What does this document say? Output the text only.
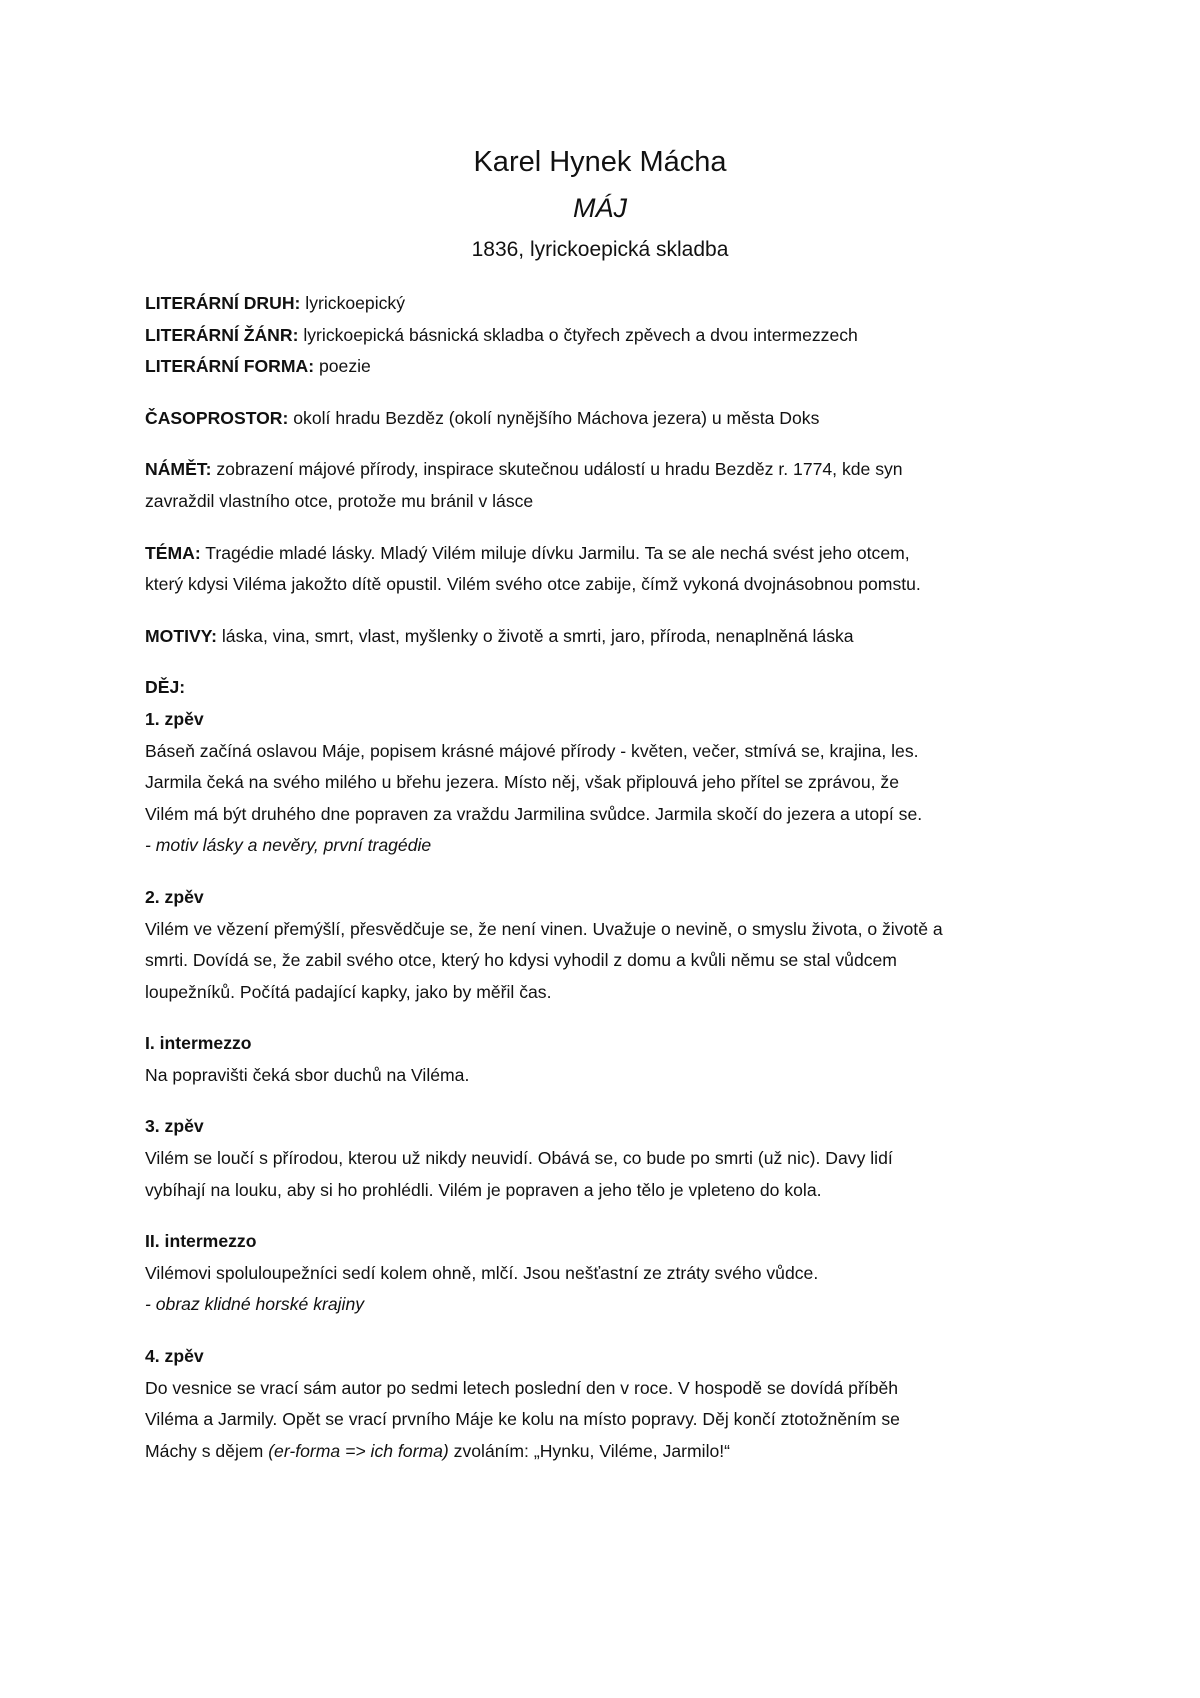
Karel Hynek Mácha
MÁJ
1836, lyrickoepická skladba

LITERÁRNÍ DRUH: lyrickoepický

LITERÁRNÍ ŽÁNR: lyrickoepická básnická skladba o čtyřech zpěvech a dvou intermezzech

LITERÁRNÍ FORMA: poezie

ČASOPROSTOR: okolí hradu Bezděz (okolí nynějšího Máchova jezera) u města Doks

NÁMĚT: zobrazení májové přírody, inspirace skutečnou událostí u hradu Bezděz r. 1774, kde syn

zavraždil vlastního otce, protože mu bránil v lásce

TÉMA: Tragédie mladé lásky. Mladý Vilém miluje dívku Jarmilu. Ta se ale nechá svést jeho otcem,

který kdysi Viléma jakožto dítě opustil. Vilém svého otce zabije, čímž vykoná dvojnásobnou pomstu.

MOTIVY: láska, vina, smrt, vlast, myšlenky o životě a smrti, jaro, příroda, nenaplněná láska

DĚJ:

1. zpěv

Báseň začíná oslavou Máje, popisem krásné májové přírody - květen, večer, stmívá se, krajina, les.

Jarmila čeká na svého milého u břehu jezera. Místo něj, však připlouvá jeho přítel se zprávou, že

Vilém má být druhého dne popraven za vraždu Jarmilina svůdce. Jarmila skočí do jezera a utopí se.

- motiv lásky a nevěry, první tragédie

2. zpěv

Vilém ve vězení přemýšlí, přesvědčuje se, že není vinen. Uvažuje o nevině, o smyslu života, o životě a

smrti. Dovídá se, že zabil svého otce, který ho kdysi vyhodil z domu a kvůli němu se stal vůdcem

loupežníků. Počítá padající kapky, jako by měřil čas.

I. intermezzo

Na popravišti čeká sbor duchů na Viléma.

3. zpěv

Vilém se loučí s přírodou, kterou už nikdy neuvidí. Obává se, co bude po smrti (už nic). Davy lidí

vybíhají na louku, aby si ho prohlédli. Vilém je popraven a jeho tělo je vpleteno do kola.

II. intermezzo

Vilémovi spoluloupežníci sedí kolem ohně, mlčí. Jsou nešťastní ze ztráty svého vůdce.

- obraz klidné horské krajiny

4. zpěv

Do vesnice se vrací sám autor po sedmi letech poslední den v roce. V hospodě se dovídá příběh

Viléma a Jarmily. Opět se vrací prvního Máje ke kolu na místo popravy. Děj končí ztotožněním se

Máchy s dějem (er-forma => ich forma) zvoláním: „Hynku, Viléme, Jarmilo!“
